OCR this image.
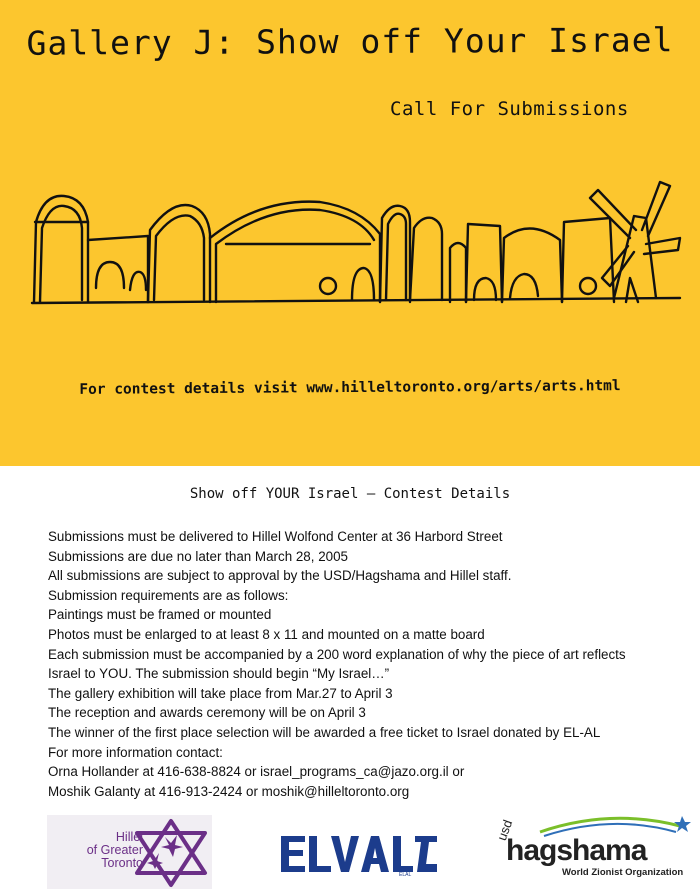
Gallery J: Show off Your Israel
Call For Submissions
For contest details visit www.hilleltoronto.org/arts/arts.html
Show off YOUR Israel – Contest Details

Submissions must be delivered to Hillel Wolfond Center at 36 Harbord Street

Submissions are due no later than March 28, 2005

All submissions are subject to approval by the USD/Hagshama and Hillel staff.

Submission requirements are as follows:

Paintings must be framed or mounted

Photos must be enlarged to at least 8 x 11 and mounted on a matte board

Each submission must be accompanied by a 200 word explanation of why the piece of art reflects

Israel to YOU. The submission should begin “My Israel…”

The gallery exhibition will take place from Mar.27 to April 3

The reception and awards ceremony will be on April 3

The winner of the first place selection will be awarded a free ticket to Israel donated by EL-AL

For more information contact:

Orna Hollander at 416-638-8824 or israel_programs_ca@jazo.org.il or

Moshik Galanty at 416-913-2424 or moshik@hilleltoronto.org

Hillel
of Greater
Toronto
ELAL
usd
hagshama
World Zionist Organization
